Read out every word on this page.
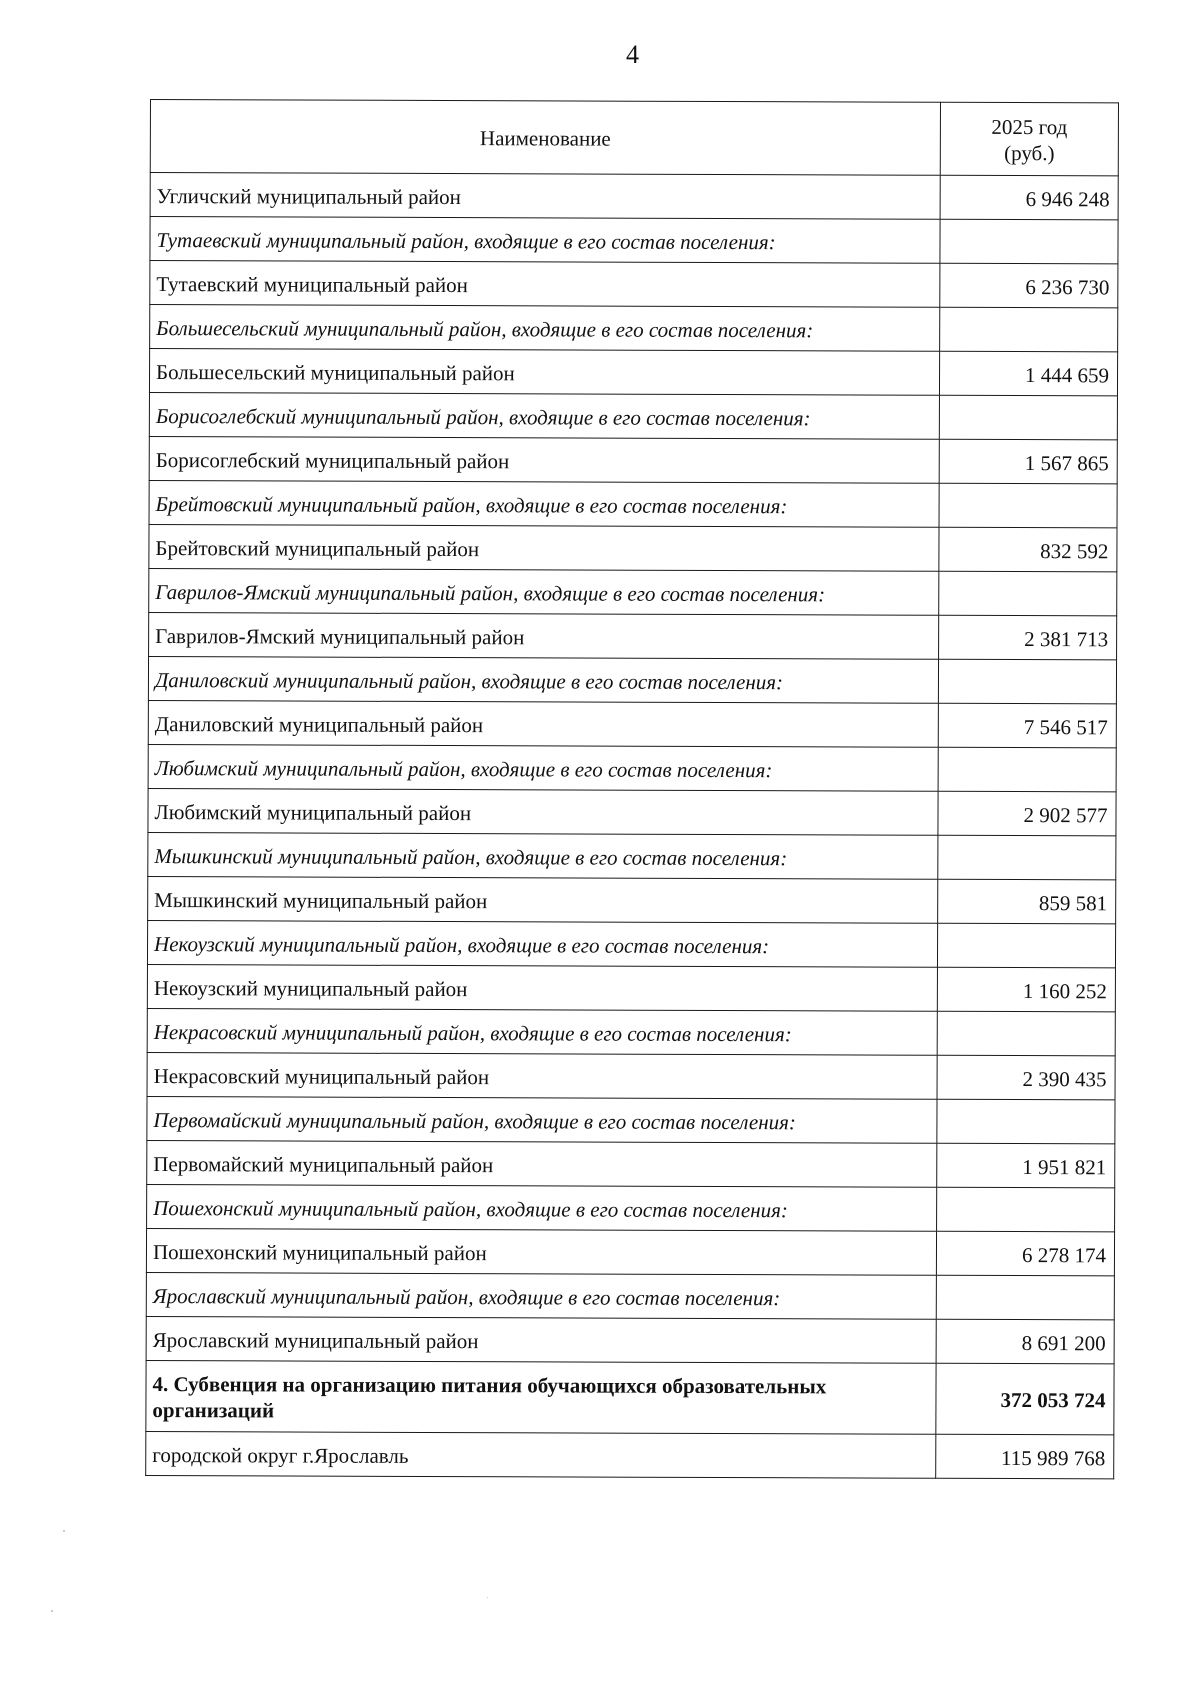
4
Наименование	2025 год
(руб.)
Угличский муниципальный район	6 946 248
Тутаевский муниципальный район, входящие в его состав поселения:	
Тутаевский муниципальный район	6 236 730
Большесельский муниципальный район, входящие в его состав поселения:	
Большесельский муниципальный район	1 444 659
Борисоглебский муниципальный район, входящие в его состав поселения:	
Борисоглебский муниципальный район	1 567 865
Брейтовский муниципальный район, входящие в его состав поселения:	
Брейтовский муниципальный район	832 592
Гаврилов-Ямский муниципальный район, входящие в его состав поселения:	
Гаврилов-Ямский муниципальный район	2 381 713
Даниловский муниципальный район, входящие в его состав поселения:	
Даниловский муниципальный район	7 546 517
Любимский муниципальный район, входящие в его состав поселения:	
Любимский муниципальный район	2 902 577
Мышкинский муниципальный район, входящие в его состав поселения:	
Мышкинский муниципальный район	859 581
Некоузский муниципальный район, входящие в его состав поселения:	
Некоузский муниципальный район	1 160 252
Некрасовский муниципальный район, входящие в его состав поселения:	
Некрасовский муниципальный район	2 390 435
Первомайский муниципальный район, входящие в его состав поселения:	
Первомайский муниципальный район	1 951 821
Пошехонский муниципальный район, входящие в его состав поселения:	
Пошехонский муниципальный район	6 278 174
Ярославский муниципальный район, входящие в его состав поселения:	
Ярославский муниципальный район	8 691 200
4. Субвенция на организацию питания обучающихся образовательных организаций	372 053 724
городской округ г.Ярославль	115 989 768
